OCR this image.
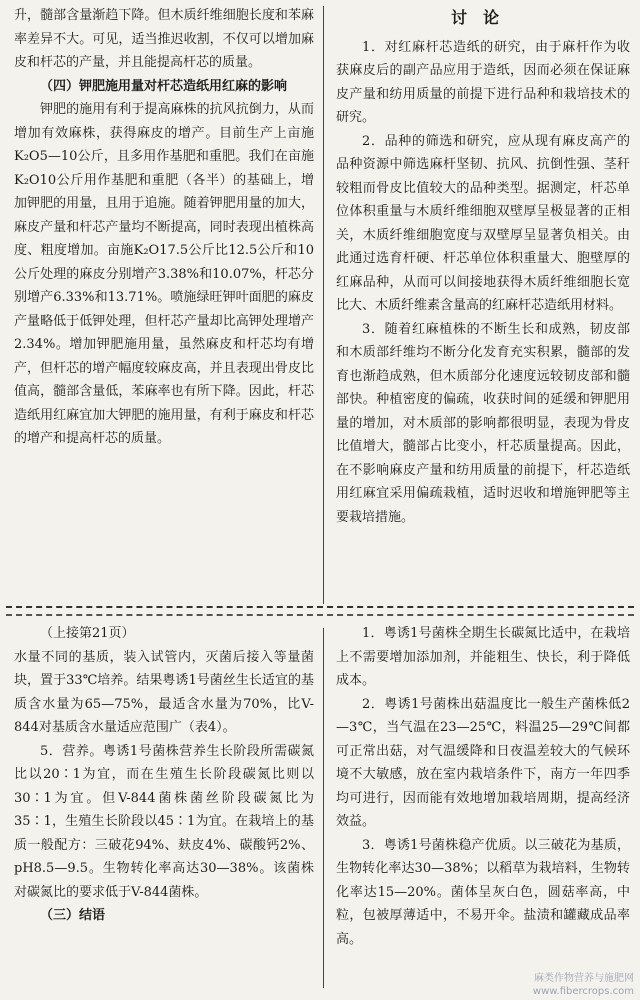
升，髓部含量渐趋下降。但木质纤维细胞长度和苯麻率差异不大。可见，适当推迟收割，不仅可以增加麻皮和杆芯的产量，并且能提高杆芯的质量。

（四）钾肥施用量对杆芯造纸用红麻的影响

钾肥的施用有利于提高麻株的抗风抗倒力，从而增加有效麻株，获得麻皮的增产。目前生产上亩施K₂O5—10公斤，且多用作基肥和重肥。我们在亩施K₂O10公斤用作基肥和重肥（各半）的基础上，增加钾肥的用量，且用于追施。随着钾肥用量的加大，麻皮产量和杆芯产量均不断提高，同时表现出植株高度、粗度增加。亩施K₂O17.5公斤比12.5公斤和10公斤处理的麻皮分别增产3.38%和10.07%，杆芯分别增产6.33%和13.71%。喷施绿旺钾叶面肥的麻皮产量略低于低钾处理，但杆芯产量却比高钾处理增产2.34%。增加钾肥施用量，虽然麻皮和杆芯均有增产，但杆芯的增产幅度较麻皮高，并且表现出骨皮比值高，髓部含量低，苯麻率也有所下降。因此，杆芯造纸用红麻宜加大钾肥的施用量，有利于麻皮和杆芯的增产和提高杆芯的质量。

讨论

1．对红麻杆芯造纸的研究，由于麻杆作为收获麻皮后的副产品应用于造纸，因而必须在保证麻皮产量和纺用质量的前提下进行品种和栽培技术的研究。

2．品种的筛选和研究，应从现有麻皮高产的品种资源中筛选麻杆坚韧、抗风、抗倒性强、茎秆较粗而骨皮比值较大的品种类型。据测定，杆芯单位体积重量与木质纤维细胞双壁厚呈极显著的正相关，木质纤维细胞宽度与双壁厚呈显著负相关。由此通过选育杆硬、杆芯单位体积重量大、胞壁厚的红麻品种，从而可以间接地获得木质纤维细胞长宽比大、木质纤维素含量高的红麻杆芯造纸用材料。

3．随着红麻植株的不断生长和成熟，韧皮部和木质部纤维均不断分化发育充实积累，髓部的发育也渐趋成熟，但木质部分化速度远较韧皮部和髓部快。种植密度的偏疏，收获时间的延缓和钾肥用量的增加，对木质部的影响都很明显，表现为骨皮比值增大，髓部占比变小，杆芯质量提高。因此，在不影响麻皮产量和纺用质量的前提下，杆芯造纸用红麻宜采用偏疏栽植，适时迟收和增施钾肥等主要栽培措施。

（上接第21页）

水量不同的基质，装入试管内，灭菌后接入等量菌块，置于33℃培养。结果粤诱1号菌丝生长适宜的基质含水量为65—75%，最适含水量为70%，比V-844对基质含水量适应范围广（表4）。

5．营养。粤诱1号菌株营养生长阶段所需碳氮比以20∶1为宜，而在生殖生长阶段碳氮比则以30∶1为宜。但V-844菌株菌丝阶段碳氮比为35∶1，生殖生长阶段以45∶1为宜。在栽培上的基质一般配方：三破花94%、麸皮4%、碳酸钙2%、pH8.5—9.5。生物转化率高达30—38%。该菌株对碳氮比的要求低于V-844菌株。

（三）结语

1．粤诱1号菌株全期生长碳氮比适中，在栽培上不需要增加添加剂，并能粗生、快长，利于降低成本。

2．粤诱1号菌株出菇温度比一般生产菌株低2—3℃，当气温在23—25℃，料温25—29℃间都可正常出菇，对气温缓降和日夜温差较大的气候环境不大敏感，放在室内栽培条件下，南方一年四季均可进行，因而能有效地增加栽培周期，提高经济效益。

3．粤诱1号菌株稳产优质。以三破花为基质，生物转化率达30—38%；以稻草为栽培料，生物转化率达15—20%。菌体呈灰白色，圆菇率高，中粒，包被厚薄适中，不易开伞。盐渍和罐藏成品率高。

麻类作物营养与施肥网
www.fibercrops.com
